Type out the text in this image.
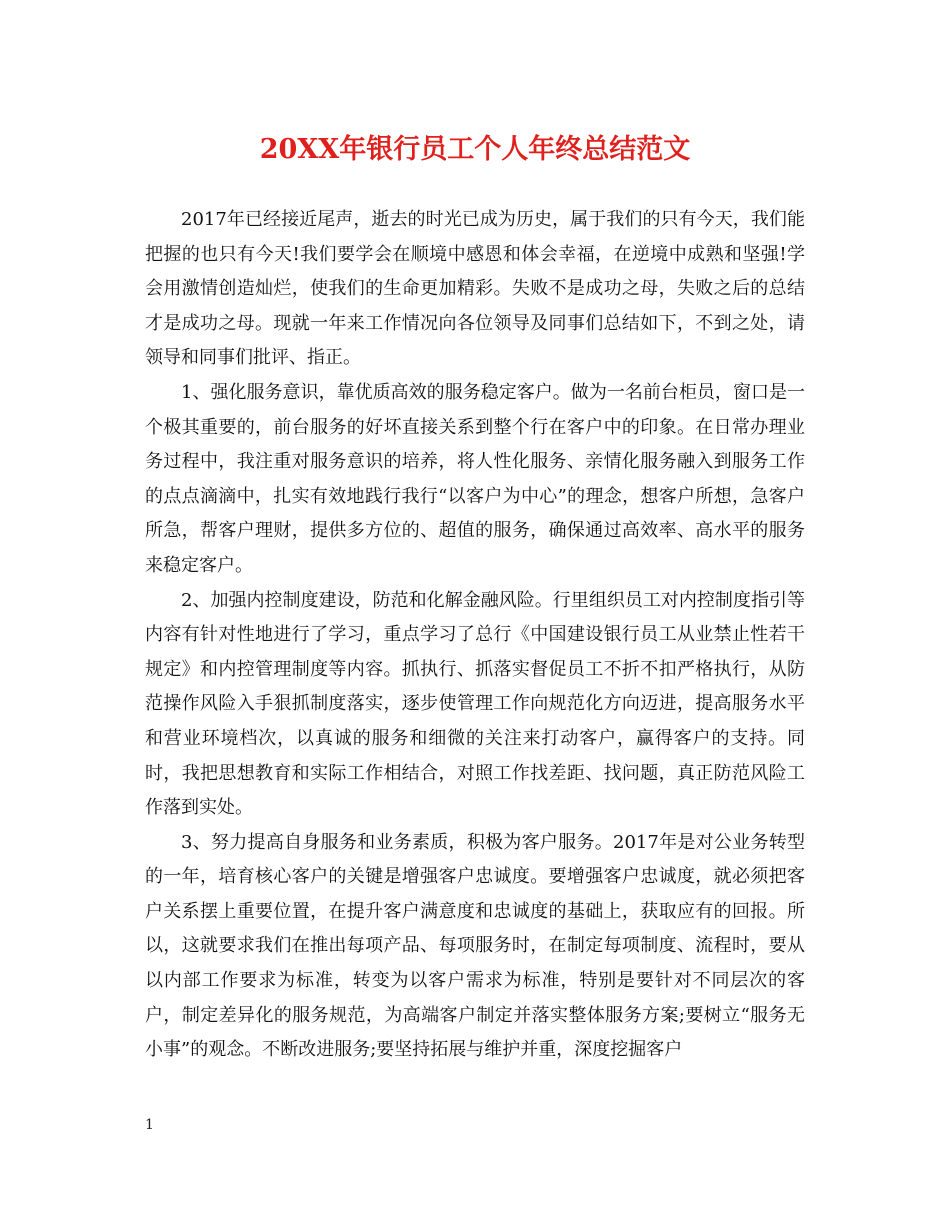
20XX年银行员工个人年终总结范文

2017年已经接近尾声，逝去的时光已成为历史，属于我们的只有今天，我们能把握的也只有今天!我们要学会在顺境中感恩和体会幸福，在逆境中成熟和坚强!学会用激情创造灿烂，使我们的生命更加精彩。失败不是成功之母，失败之后的总结才是成功之母。现就一年来工作情况向各位领导及同事们总结如下，不到之处，请领导和同事们批评、指正。

1、强化服务意识，靠优质高效的服务稳定客户。做为一名前台柜员，窗口是一个极其重要的，前台服务的好坏直接关系到整个行在客户中的印象。在日常办理业务过程中，我注重对服务意识的培养，将人性化服务、亲情化服务融入到服务工作的点点滴滴中，扎实有效地践行我行“以客户为中心”的理念，想客户所想，急客户所急，帮客户理财，提供多方位的、超值的服务，确保通过高效率、高水平的服务来稳定客户。

2、加强内控制度建设，防范和化解金融风险。行里组织员工对内控制度指引等内容有针对性地进行了学习，重点学习了总行《中国建设银行员工从业禁止性若干规定》和内控管理制度等内容。抓执行、抓落实督促员工不折不扣严格执行，从防范操作风险入手狠抓制度落实，逐步使管理工作向规范化方向迈进，提高服务水平和营业环境档次，以真诚的服务和细微的关注来打动客户，赢得客户的支持。同时，我把思想教育和实际工作相结合，对照工作找差距、找问题，真正防范风险工作落到实处。

3、努力提高自身服务和业务素质，积极为客户服务。2017年是对公业务转型的一年，培育核心客户的关键是增强客户忠诚度。要增强客户忠诚度，就必须把客户关系摆上重要位置，在提升客户满意度和忠诚度的基础上，获取应有的回报。所以，这就要求我们在推出每项产品、每项服务时，在制定每项制度、流程时，要从以内部工作要求为标准，转变为以客户需求为标准，特别是要针对不同层次的客户，制定差异化的服务规范，为高端客户制定并落实整体服务方案;要树立“服务无小事”的观念。不断改进服务;要坚持拓展与维护并重，深度挖掘客户

1
